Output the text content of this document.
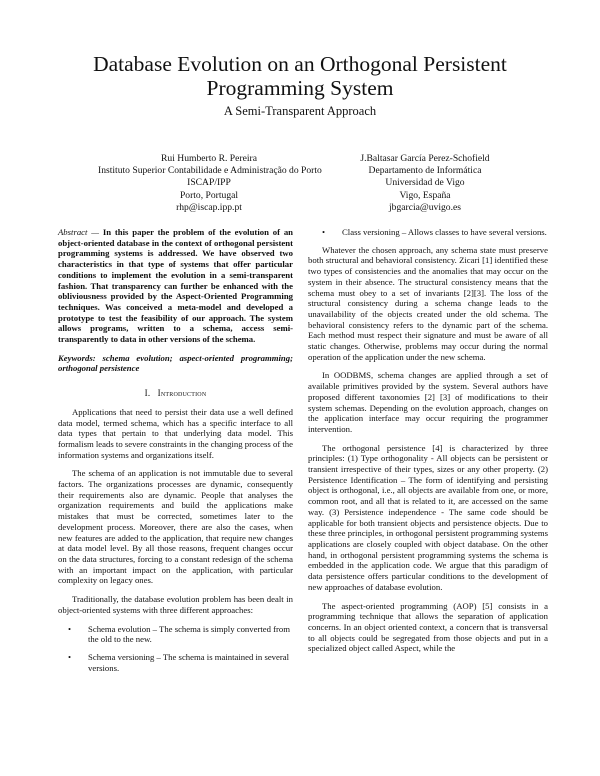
Database Evolution on an Orthogonal Persistent
Programming System
A Semi-Transparent Approach
Rui Humberto R. Pereira
Instituto Superior Contabilidade e Administração do Porto
ISCAP/IPP
Porto, Portugal
rhp@iscap.ipp.pt
J.Baltasar García Perez-Schofield
Departamento de Informática
Universidad de Vigo
Vigo, España
jbgarcia@uvigo.es

Abstract — In this paper the problem of the evolution of an object-oriented database in the context of orthogonal persistent programming systems is addressed. We have observed two characteristics in that type of systems that offer particular conditions to implement the evolution in a semi-transparent fashion. That transparency can further be enhanced with the obliviousness provided by the Aspect-Oriented Programming techniques. Was conceived a meta-model and developed a prototype to test the feasibility of our approach. The system allows programs, written to a schema, access semi-transparently to data in other versions of the schema.

Keywords: schema evolution; aspect-oriented programming; orthogonal persistence

I. Introduction

Applications that need to persist their data use a well defined data model, termed schema, which has a specific interface to all data types that pertain to that underlying data model. This formalism leads to severe constraints in the changing process of the information systems and organizations itself.

The schema of an application is not immutable due to several factors. The organizations processes are dynamic, consequently their requirements also are dynamic. People that analyses the organization requirements and build the applications make mistakes that must be corrected, sometimes later to the development process. Moreover, there are also the cases, when new features are added to the application, that require new changes at data model level. By all those reasons, frequent changes occur on the data structures, forcing to a constant redesign of the schema with an important impact on the application, with particular complexity on legacy ones.

Traditionally, the database evolution problem has been dealt in object-oriented systems with three different approaches:

• Schema evolution – The schema is simply converted from the old to the new.
• Schema versioning – The schema is maintained in several versions.
• Class versioning – Allows classes to have several versions.

Whatever the chosen approach, any schema state must preserve both structural and behavioral consistency. Zicari [1] identified these two types of consistencies and the anomalies that may occur on the system in their absence. The structural consistency means that the schema must obey to a set of invariants [2][3]. The loss of the structural consistency during a schema change leads to the unavailability of the objects created under the old schema. The behavioral consistency refers to the dynamic part of the schema. Each method must respect their signature and must be aware of all static changes. Otherwise, problems may occur during the normal operation of the application under the new schema.

In OODBMS, schema changes are applied through a set of available primitives provided by the system. Several authors have proposed different taxonomies [2] [3] of modifications to their system schemas. Depending on the evolution approach, changes on the application interface may occur requiring the programmer intervention.

The orthogonal persistence [4] is characterized by three principles: (1) Type orthogonality - All objects can be persistent or transient irrespective of their types, sizes or any other property. (2) Persistence Identification – The form of identifying and persisting object is orthogonal, i.e., all objects are available from one, or more, common root, and all that is related to it, are accessed on the same way. (3) Persistence independence - The same code should be applicable for both transient objects and persistence objects. Due to these three principles, in orthogonal persistent programming systems applications are closely coupled with object database. On the other hand, in orthogonal persistent programming systems the schema is embedded in the application code. We argue that this paradigm of data persistence offers particular conditions to the development of new approaches of database evolution.

The aspect-oriented programming (AOP) [5] consists in a programming technique that allows the separation of application concerns. In an object oriented context, a concern that is transversal to all objects could be segregated from those objects and put in a specialized object called Aspect, while the
